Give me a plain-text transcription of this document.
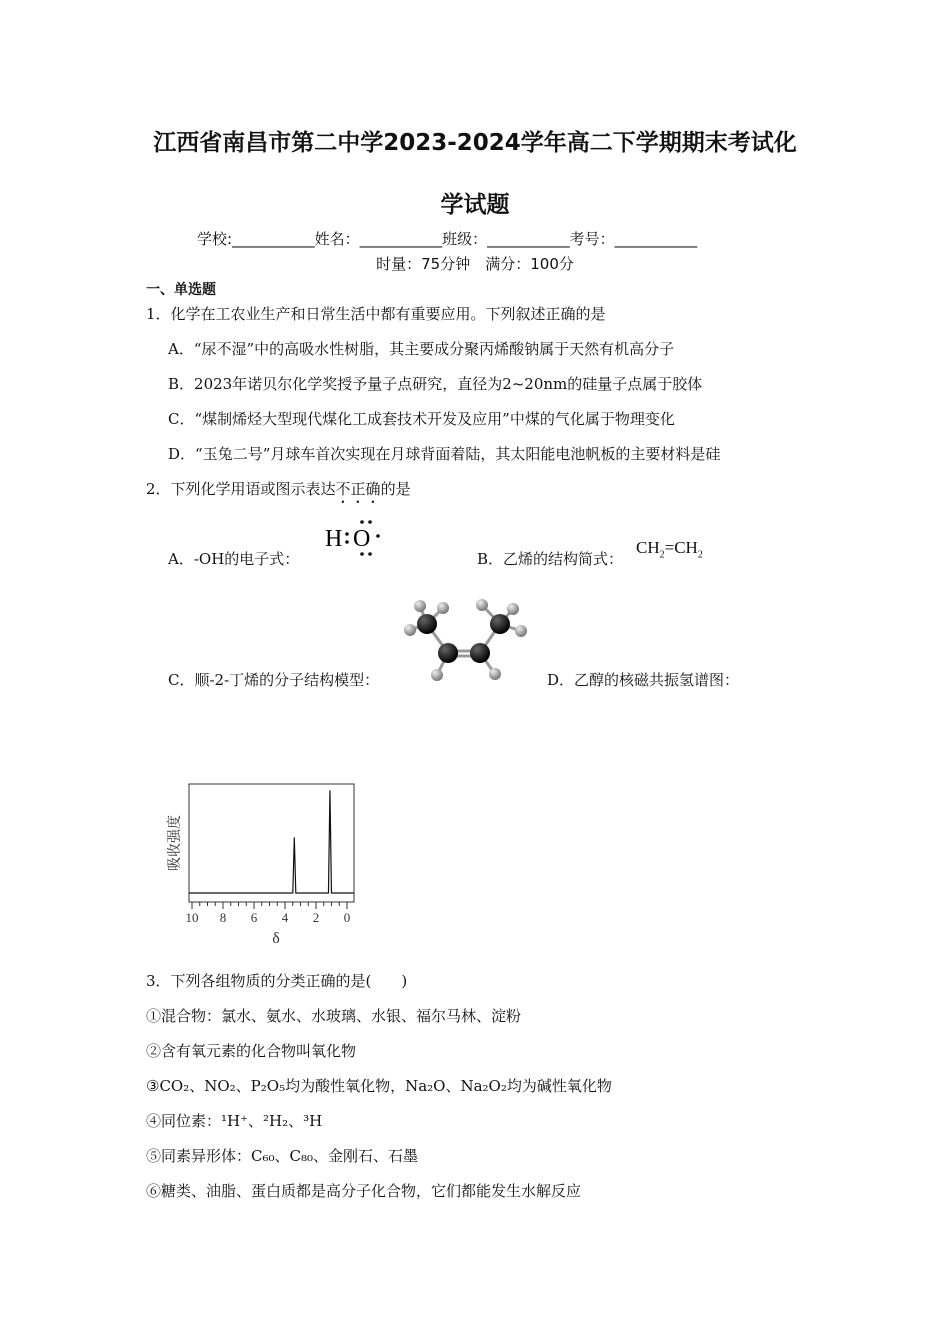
江西省南昌市第二中学2023-2024学年高二下学期期末考试化
学试题
学校:___________姓名：___________班级：___________考号：___________
时量：75分钟　满分：100分
一、单选题
1．化学在工农业生产和日常生活中都有重要应用。下列叙述正确的是
A．“尿不湿”中的高吸水性树脂，其主要成分聚丙烯酸钠属于天然有机高分子
B．2023年诺贝尔化学奖授予量子点研究，直径为2~20nm的硅量子点属于胶体
C．“煤制烯烃大型现代煤化工成套技术开发及应用”中煤的气化属于物理变化
D．“玉兔二号”月球车首次实现在月球背面着陆，其太阳能电池帆板的主要材料是硅
2．下列化学用语或图示表达不正确的是
A．-OH的电子式：
H O
B．乙烯的结构简式：
$CH_2=CH_2$
C．顺-2-丁烯的分子结构模型：	D．乙醇的核磁共振氢谱图：
10 8 6 4 2 0
吸收强度
δ
3．下列各组物质的分类正确的是(　　)
①混合物：氯水、氨水、水玻璃、水银、福尔马林、淀粉
②含有氧元素的化合物叫氧化物
③CO₂、NO₂、P₂O₅均为酸性氧化物，Na₂O、Na₂O₂均为碱性氧化物
④同位素：¹H⁺、²H₂、³H
⑤同素异形体：C₆₀、C₈₀、金刚石、石墨
⑥糖类、油脂、蛋白质都是高分子化合物，它们都能发生水解反应
